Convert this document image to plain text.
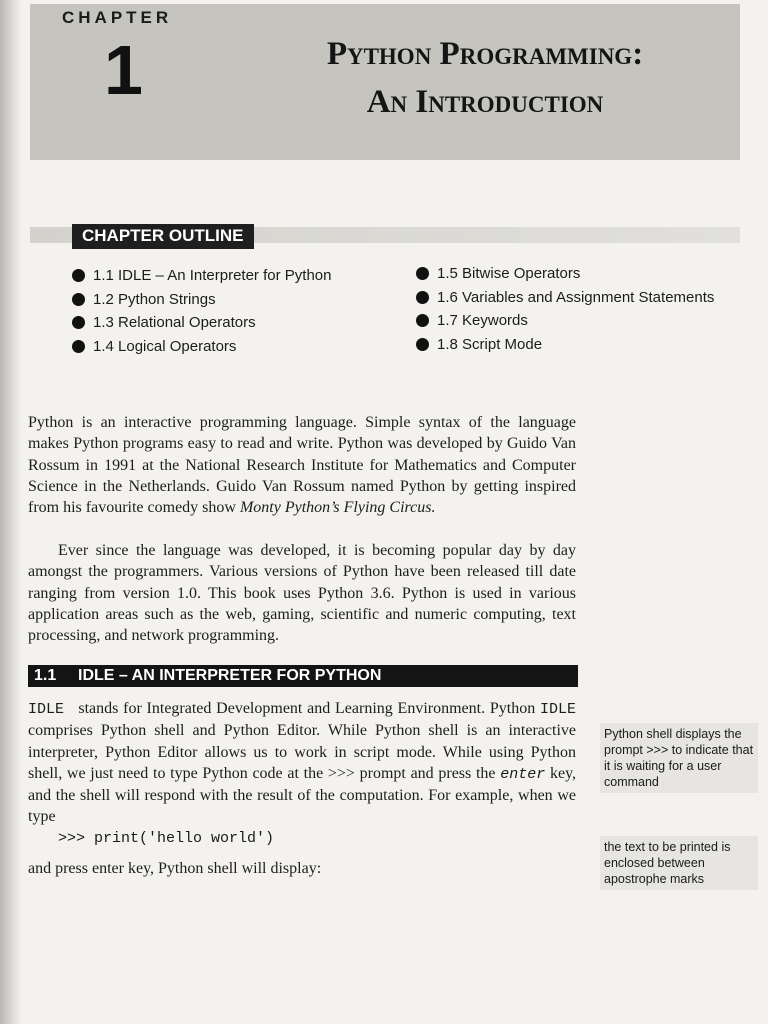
CHAPTER
1	Python Programming:
An Introduction
CHAPTER OUTLINE
1.1 IDLE – An Interpreter for Python
1.2 Python Strings
1.3 Relational Operators
1.4 Logical Operators
1.5 Bitwise Operators
1.6 Variables and Assignment Statements
1.7 Keywords
1.8 Script Mode

Python is an interactive programming language. Simple syntax of the language makes Python programs easy to read and write. Python was developed by Guido Van Rossum in 1991 at the National Research Institute for Mathematics and Computer Science in the Netherlands. Guido Van Rossum named Python by getting inspired from his favourite comedy show Monty Python’s Flying Circus.

Ever since the language was developed, it is becoming popular day by day amongst the programmers. Various versions of Python have been released till date ranging from version 1.0. This book uses Python 3.6. Python is used in various application areas such as the web, gaming, scientific and numeric computing, text processing, and network programming.

1.1 IDLE – AN INTERPRETER FOR PYTHON

IDLE stands for Integrated Development and Learning Environment. Python IDLE comprises Python shell and Python Editor. While Python shell is an interactive interpreter, Python Editor allows us to work in script mode. While using Python shell, we just need to type Python code at the >>> prompt and press the enter key, and the shell will respond with the result of the computation. For example, when we type

>>> print('hello world')
and press enter key, Python shell will display:
Python shell displays the prompt >>> to indicate that it is waiting for a user command
the text to be printed is enclosed between apostrophe marks
